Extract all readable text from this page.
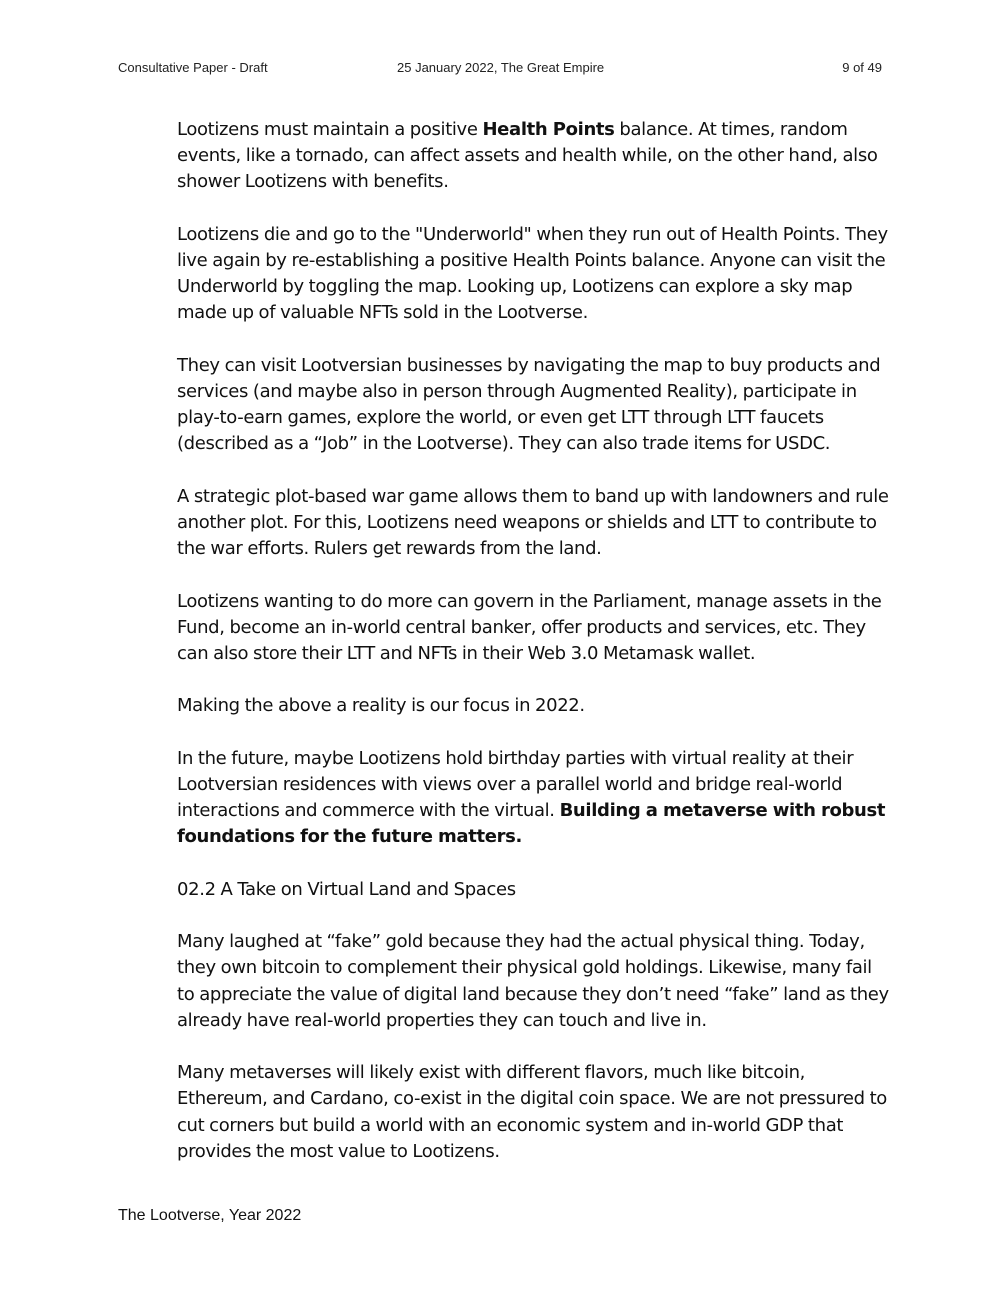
Consultative Paper - Draft	25 January 2022, The Great Empire	9 of 49

Lootizens must maintain a positive Health Points balance. At times, random events, like a tornado, can affect assets and health while, on the other hand, also shower Lootizens with benefits.

Lootizens die and go to the "Underworld" when they run out of Health Points. They live again by re-establishing a positive Health Points balance. Anyone can visit the Underworld by toggling the map. Looking up, Lootizens can explore a sky map made up of valuable NFTs sold in the Lootverse.

They can visit Lootversian businesses by navigating the map to buy products and services (and maybe also in person through Augmented Reality), participate in play-to-earn games, explore the world, or even get LTT through LTT faucets (described as a “Job” in the Lootverse). They can also trade items for USDC.

A strategic plot-based war game allows them to band up with landowners and rule another plot. For this, Lootizens need weapons or shields and LTT to contribute to the war efforts. Rulers get rewards from the land.

Lootizens wanting to do more can govern in the Parliament, manage assets in the Fund, become an in-world central banker, offer products and services, etc. They can also store their LTT and NFTs in their Web 3.0 Metamask wallet.

Making the above a reality is our focus in 2022.

In the future, maybe Lootizens hold birthday parties with virtual reality at their Lootversian residences with views over a parallel world and bridge real-world interactions and commerce with the virtual. Building a metaverse with robust foundations for the future matters.

02.2 A Take on Virtual Land and Spaces

Many laughed at “fake” gold because they had the actual physical thing. Today, they own bitcoin to complement their physical gold holdings. Likewise, many fail to appreciate the value of digital land because they don’t need “fake” land as they already have real-world properties they can touch and live in.

Many metaverses will likely exist with different flavors, much like bitcoin, Ethereum, and Cardano, co-exist in the digital coin space. We are not pressured to cut corners but build a world with an economic system and in-world GDP that provides the most value to Lootizens.

The Lootverse, Year 2022
